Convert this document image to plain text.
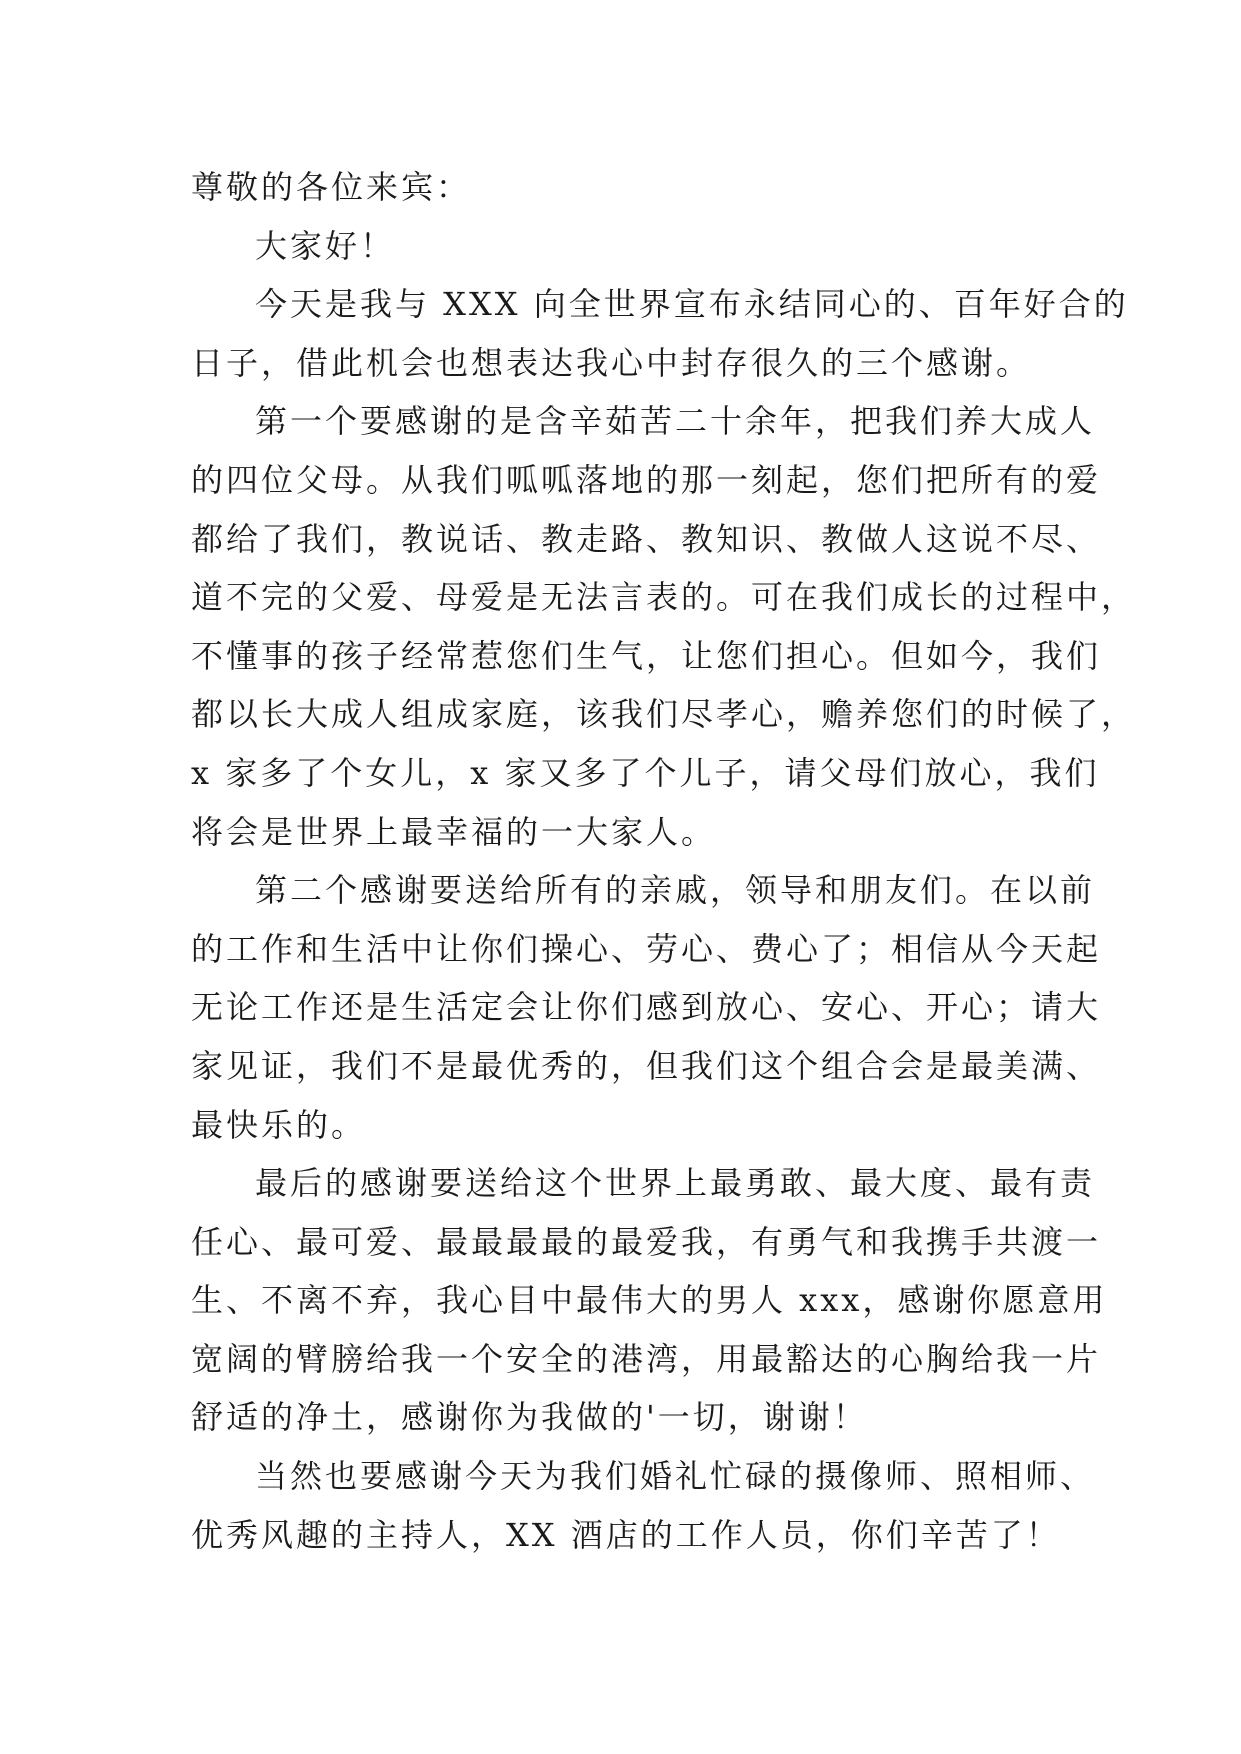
尊敬的各位来宾：
大家好！
今天是我与 XXX 向全世界宣布永结同心的、百年好合的
日子，借此机会也想表达我心中封存很久的三个感谢。
第一个要感谢的是含辛茹苦二十余年，把我们养大成人
的四位父母。从我们呱呱落地的那一刻起，您们把所有的爱
都给了我们，教说话、教走路、教知识、教做人这说不尽、
道不完的父爱、母爱是无法言表的。可在我们成长的过程中，
不懂事的孩子经常惹您们生气，让您们担心。但如今，我们
都以长大成人组成家庭，该我们尽孝心，赡养您们的时候了，
x 家多了个女儿，x 家又多了个儿子，请父母们放心，我们
将会是世界上最幸福的一大家人。
第二个感谢要送给所有的亲戚，领导和朋友们。在以前
的工作和生活中让你们操心、劳心、费心了；相信从今天起
无论工作还是生活定会让你们感到放心、安心、开心；请大
家见证，我们不是最优秀的，但我们这个组合会是最美满、
最快乐的。
最后的感谢要送给这个世界上最勇敢、最大度、最有责
任心、最可爱、最最最最的最爱我，有勇气和我携手共渡一
生、不离不弃，我心目中最伟大的男人 xxx，感谢你愿意用
宽阔的臂膀给我一个安全的港湾，用最豁达的心胸给我一片
舒适的净土，感谢你为我做的'一切，谢谢！
当然也要感谢今天为我们婚礼忙碌的摄像师、照相师、
优秀风趣的主持人，XX 酒店的工作人员，你们辛苦了！
